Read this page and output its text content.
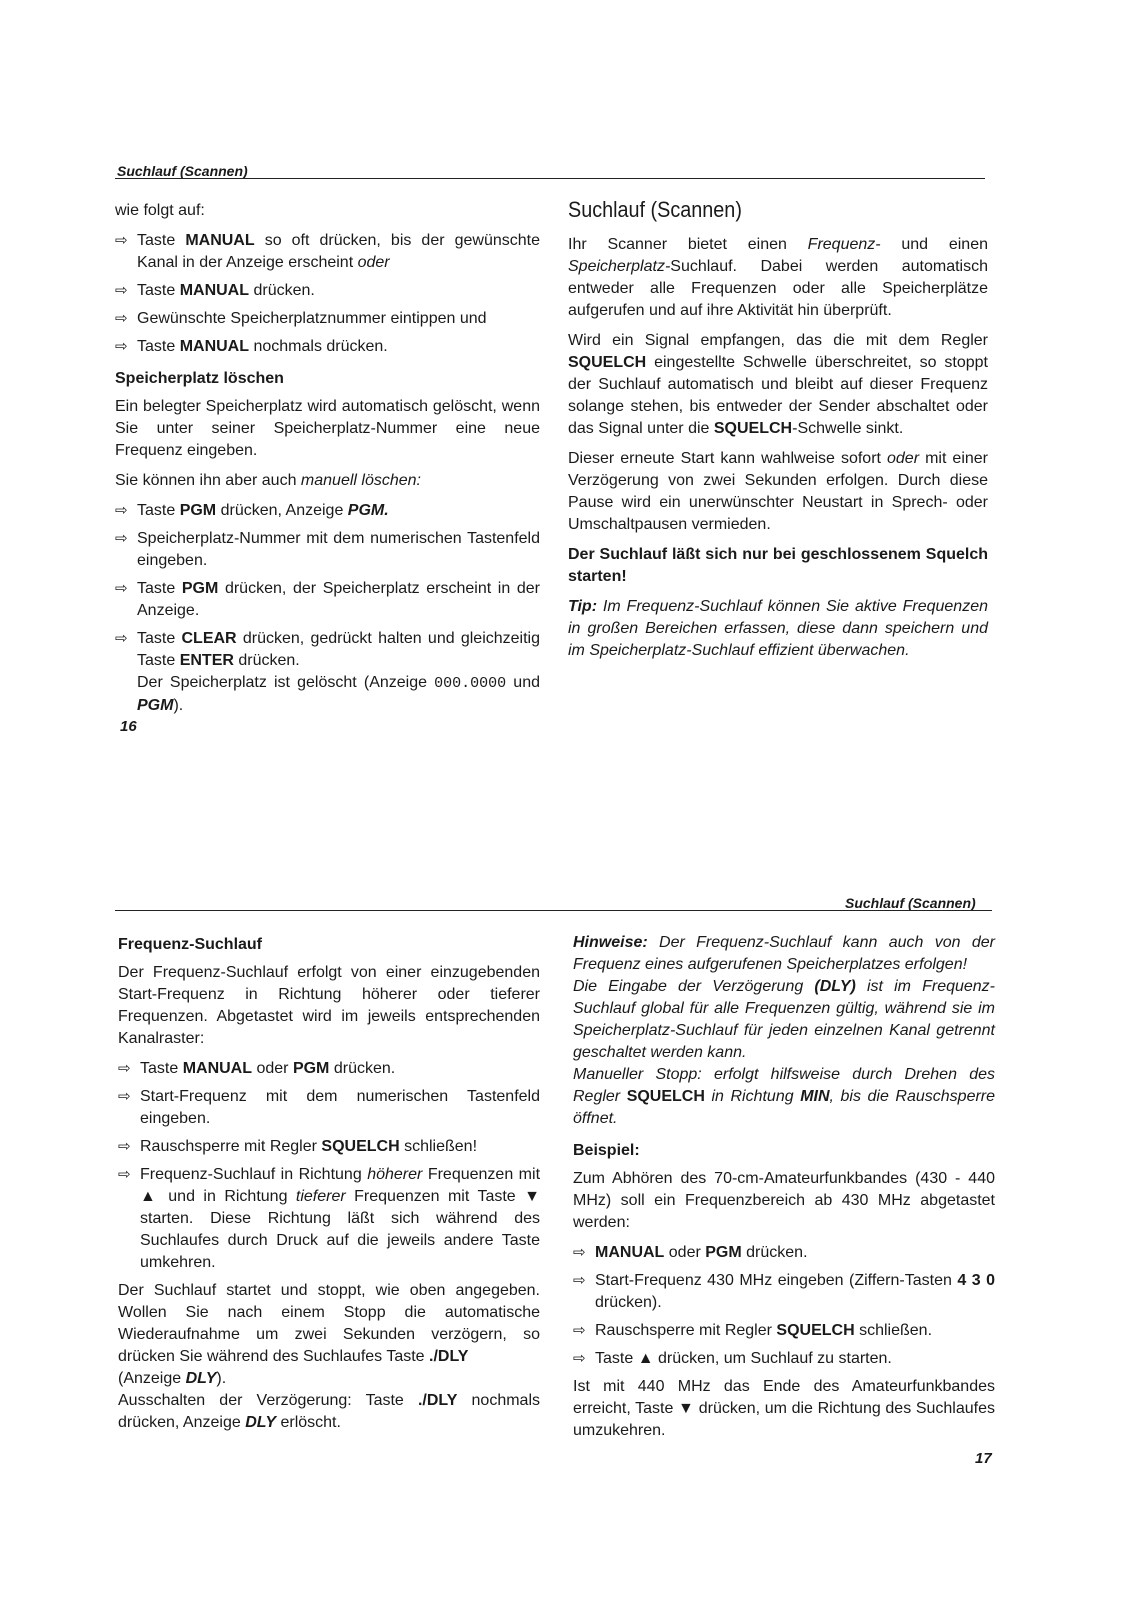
Suchlauf (Scannen)
wie folgt auf:
⇨ Taste MANUAL so oft drücken, bis der gewünschte Kanal in der Anzeige erscheint oder
⇨ Taste MANUAL drücken.
⇨ Gewünschte Speicherplatznummer eintippen und
⇨ Taste MANUAL nochmals drücken.
Speicherplatz löschen
Ein belegter Speicherplatz wird automatisch gelöscht, wenn Sie unter seiner Speicherplatz-Nummer eine neue Frequenz eingeben.
Sie können ihn aber auch manuell löschen:
⇨ Taste PGM drücken, Anzeige PGM.
⇨ Speicherplatz-Nummer mit dem numerischen Tastenfeld eingeben.
⇨ Taste PGM drücken, der Speicherplatz erscheint in der Anzeige.
⇨ Taste CLEAR drücken, gedrückt halten und gleichzeitig Taste ENTER drücken.
Der Speicherplatz ist gelöscht (Anzeige 000.0000 und PGM).
Suchlauf (Scannen)
Ihr Scanner bietet einen Frequenz- und einen Speicherplatz-Suchlauf. Dabei werden automatisch entweder alle Frequenzen oder alle Speicherplätze aufgerufen und auf ihre Aktivität hin überprüft.
Wird ein Signal empfangen, das die mit dem Regler SQUELCH eingestellte Schwelle überschreitet, so stoppt der Suchlauf automatisch und bleibt auf dieser Frequenz solange stehen, bis entweder der Sender abschaltet oder das Signal unter die SQUELCH-Schwelle sinkt.
Dieser erneute Start kann wahlweise sofort oder mit einer Verzögerung von zwei Sekunden erfolgen. Durch diese Pause wird ein unerwünschter Neustart in Sprech- oder Umschaltpausen vermieden.
Der Suchlauf läßt sich nur bei geschlossenem Squelch starten!
Tip: Im Frequenz-Suchlauf können Sie aktive Frequenzen in großen Bereichen erfassen, diese dann speichern und im Speicherplatz-Suchlauf effizient überwachen.
16
Suchlauf (Scannen)
Frequenz-Suchlauf
Der Frequenz-Suchlauf erfolgt von einer einzugebenden Start-Frequenz in Richtung höherer oder tieferer Frequenzen. Abgetastet wird im jeweils entsprechenden Kanalraster:
⇨ Taste MANUAL oder PGM drücken.
⇨ Start-Frequenz mit dem numerischen Tastenfeld eingeben.
⇨ Rauschsperre mit Regler SQUELCH schließen!
⇨ Frequenz-Suchlauf in Richtung höherer Frequenzen mit ▲ und in Richtung tieferer Frequenzen mit Taste ▼ starten. Diese Richtung läßt sich während des Suchlaufes durch Druck auf die jeweils andere Taste umkehren.
Der Suchlauf startet und stoppt, wie oben angegeben. Wollen Sie nach einem Stopp die automatische Wiederaufnahme um zwei Sekunden verzögern, so drücken Sie während des Suchlaufes Taste ./DLY
(Anzeige DLY).
Ausschalten der Verzögerung: Taste ./DLY nochmals drücken, Anzeige DLY erlöscht.
Hinweise: Der Frequenz-Suchlauf kann auch von der Frequenz eines aufgerufenen Speicherplatzes erfolgen!
Die Eingabe der Verzögerung (DLY) ist im Frequenz-Suchlauf global für alle Frequenzen gültig, während sie im Speicherplatz-Suchlauf für jeden einzelnen Kanal getrennt geschaltet werden kann.
Manueller Stopp: erfolgt hilfsweise durch Drehen des Regler SQUELCH in Richtung MIN, bis die Rauschsperre öffnet.
Beispiel:
Zum Abhören des 70-cm-Amateurfunkbandes (430 - 440 MHz) soll ein Frequenzbereich ab 430 MHz abgetastet werden:
⇨ MANUAL oder PGM drücken.
⇨ Start-Frequenz 430 MHz eingeben (Ziffern-Tasten 4 3 0 drücken).
⇨ Rauschsperre mit Regler SQUELCH schließen.
⇨ Taste ▲ drücken, um Suchlauf zu starten.
Ist mit 440 MHz das Ende des Amateurfunkbandes erreicht, Taste ▼ drücken, um die Richtung des Suchlaufes umzukehren.
17
